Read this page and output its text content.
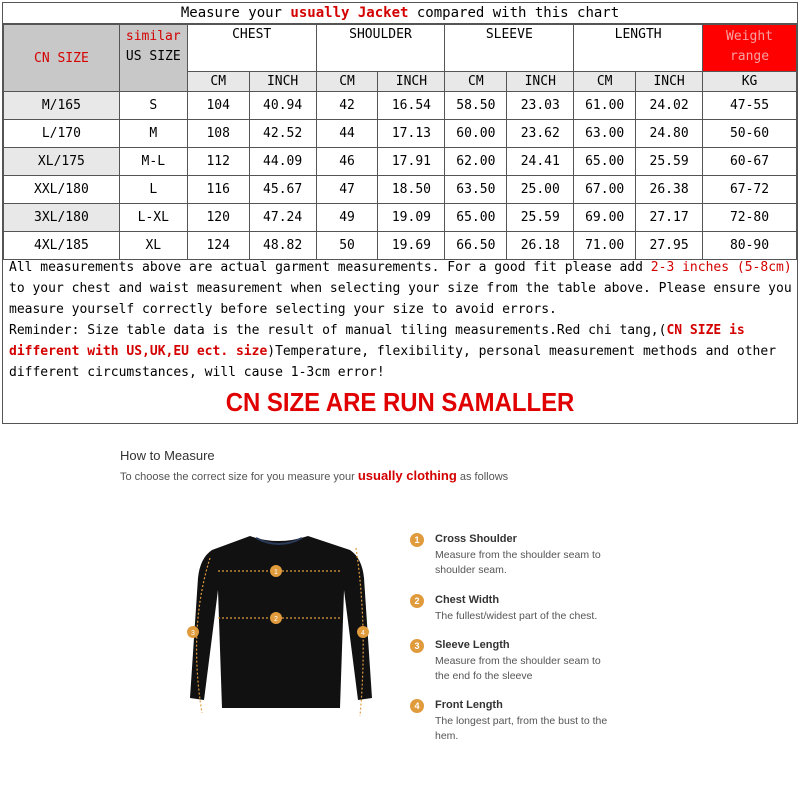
Measure your usually Jacket compared with this chart
CN SIZE	similar
US SIZE	CHEST		SHOULDER		SLEEVE		LENGTH		Weight
range
		CM	INCH	CM	INCH	CM	INCH	CM	INCH	KG
M/165	S	104	40.94	42	16.54	58.50	23.03	61.00	24.02	47-55
L/170	M	108	42.52	44	17.13	60.00	23.62	63.00	24.80	50-60
XL/175	M-L	112	44.09	46	17.91	62.00	24.41	65.00	25.59	60-67
XXL/180	L	116	45.67	47	18.50	63.50	25.00	67.00	26.38	67-72
3XL/180	L-XL	120	47.24	49	19.09	65.00	25.59	69.00	27.17	72-80
4XL/185	XL	124	48.82	50	19.69	66.50	26.18	71.00	27.95	80-90
All measurements above are actual garment measurements. For a good fit please add 2-3 inches (5-8cm) to your chest and waist measurement when selecting your size from the table above. Please ensure you measure yourself correctly before selecting your size to avoid errors.
Reminder: Size table data is the result of manual tiling measurements.Red chi tang,(CN SIZE is different with US,UK,EU ect. size)Temperature, flexibility, personal measurement methods and other different circumstances, will cause 1-3cm error!
CN SIZE ARE RUN SAMALLER
How to Measure
To choose the correct size for you measure your usually clothing as follows
1
2
3	4
1	Cross Shoulder
Measure from the shoulder seam to shoulder seam.
2	Chest Width
The fullest/widest part of the chest.
3	Sleeve Length
Measure from the shoulder seam to the end fo the sleeve
4	Front Length
The longest part, from the bust to the hem.
